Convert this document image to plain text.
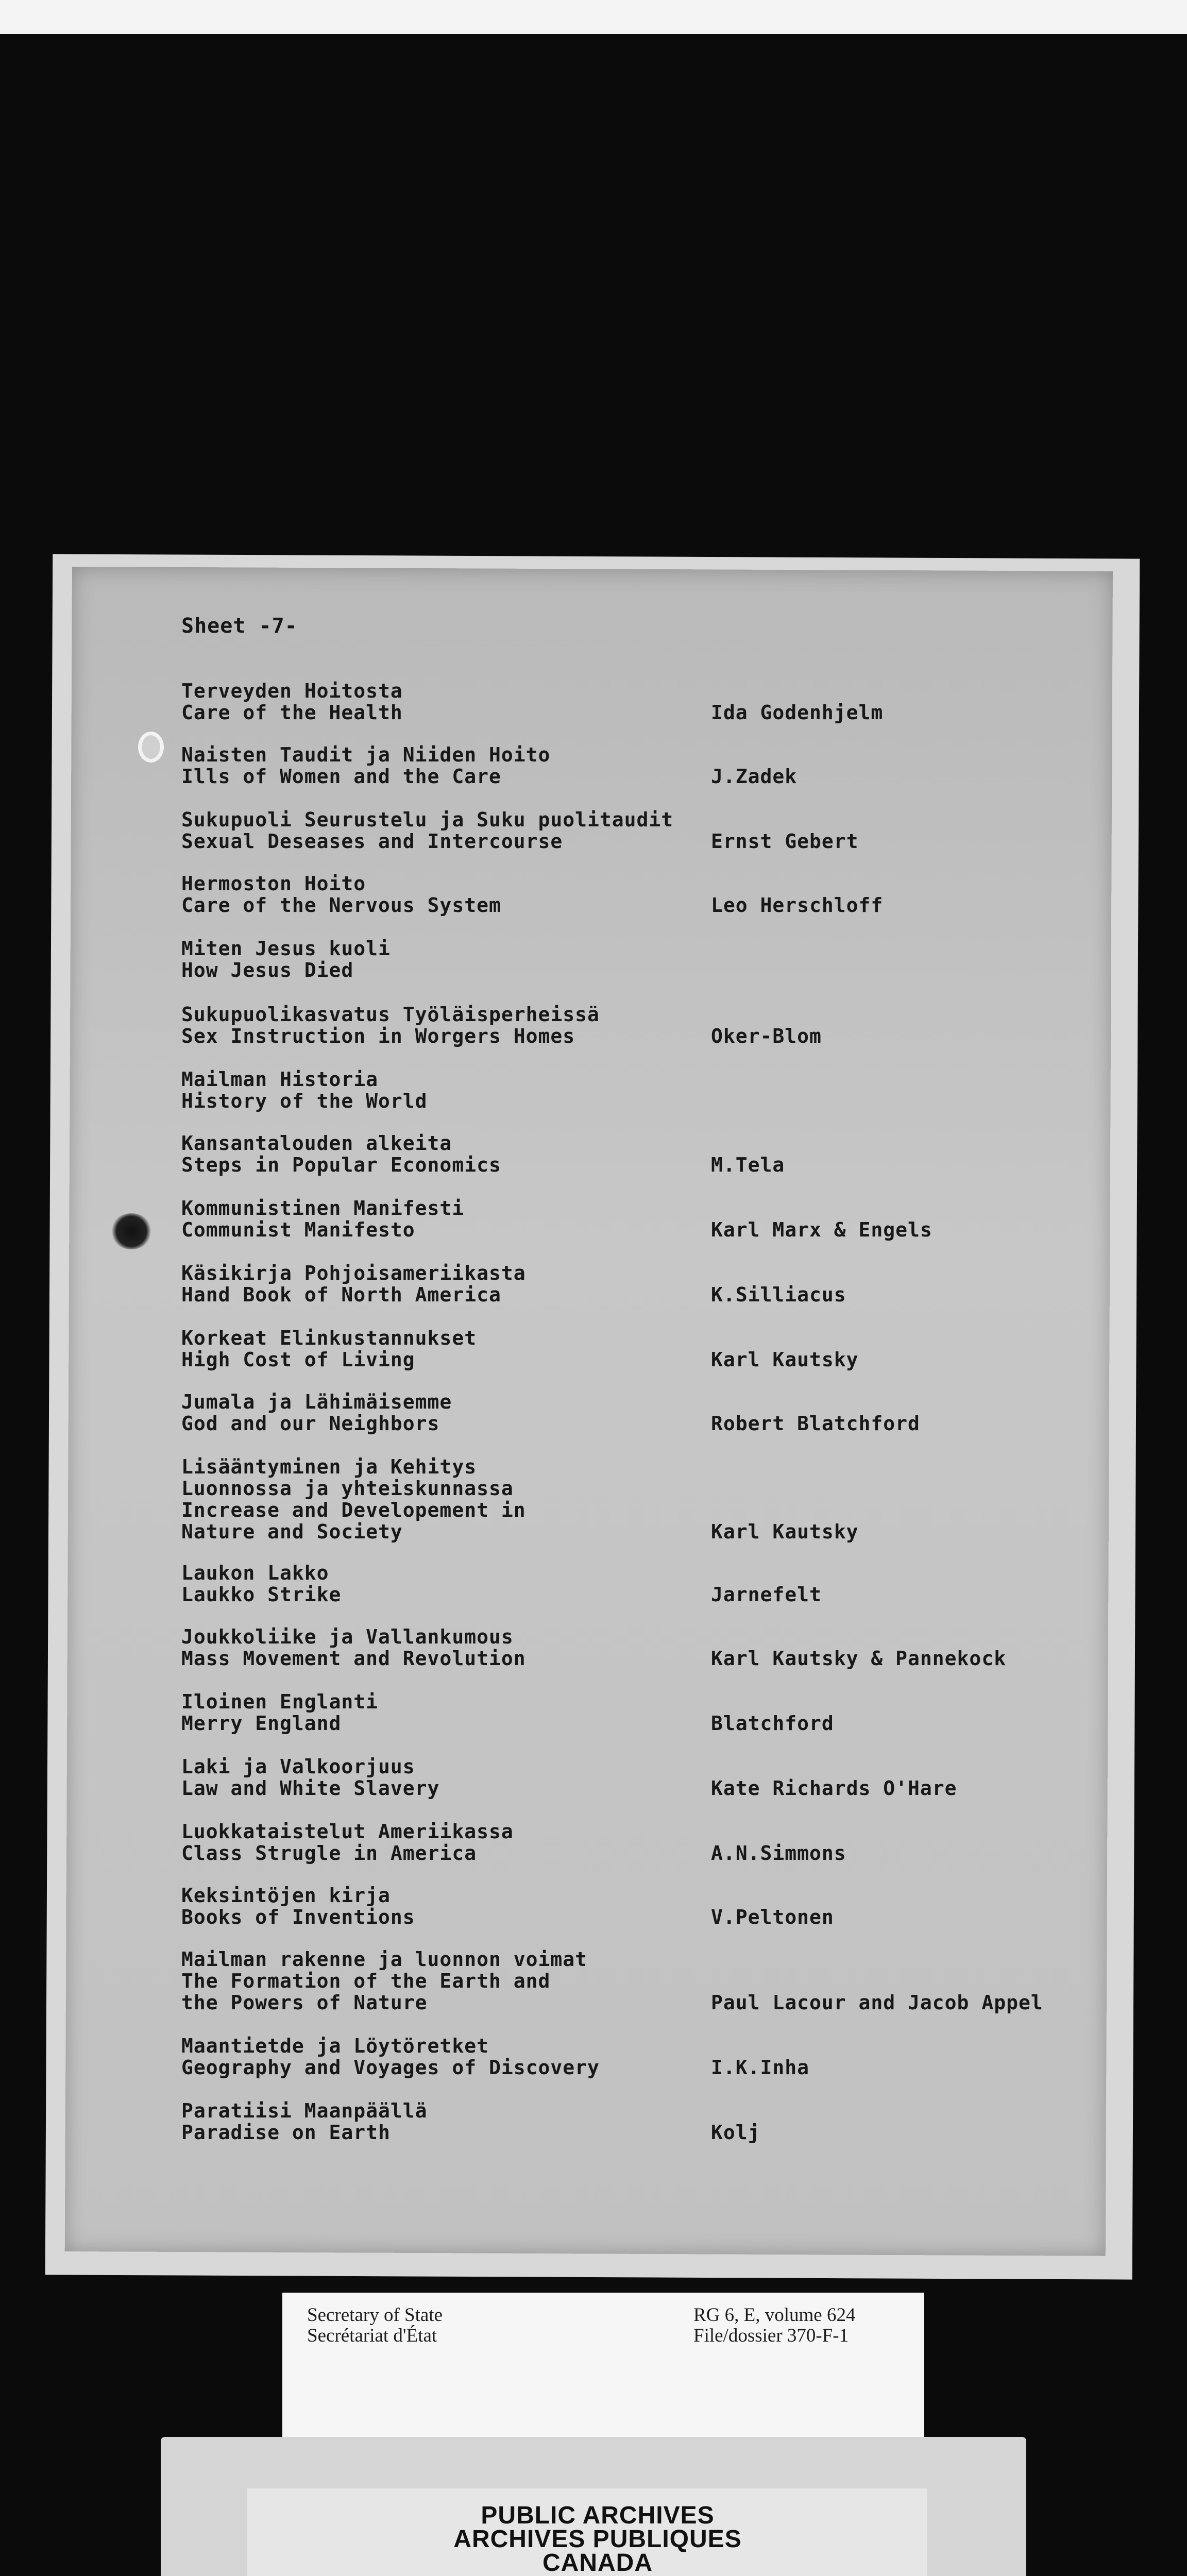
Sheet -7-
Terveyden Hoitosta
Care of the Health	Ida Godenhjelm
Naisten Taudit ja Niiden Hoito
Ills of Women and the Care	J.Zadek
Sukupuoli Seurustelu ja Suku puolitaudit
Sexual Deseases and Intercourse	Ernst Gebert
Hermoston Hoito
Care of the Nervous System	Leo Herschloff
Miten Jesus kuoli
How Jesus Died
Sukupuolikasvatus Työläisperheissä
Sex Instruction in Worgers Homes	Oker-Blom
Mailman Historia
History of the World
Kansantalouden alkeita
Steps in Popular Economics	M.Tela
Kommunistinen Manifesti
Communist Manifesto	Karl Marx & Engels
Käsikirja Pohjoisameriikasta
Hand Book of North America	K.Silliacus
Korkeat Elinkustannukset
High Cost of Living	Karl Kautsky
Jumala ja Lähimäisemme
God and our Neighbors	Robert Blatchford
Lisääntyminen ja Kehitys
Luonnossa ja yhteiskunnassa
Increase and Developement in
Nature and Society	Karl Kautsky
Laukon Lakko
Laukko Strike	Jarnefelt
Joukkoliike ja Vallankumous
Mass Movement and Revolution	Karl Kautsky & Pannekock
Iloinen Englanti
Merry England	Blatchford
Laki ja Valkoorjuus
Law and White Slavery	Kate Richards O'Hare
Luokkataistelut Ameriikassa
Class Strugle in America	A.N.Simmons
Keksintöjen kirja
Books of Inventions	V.Peltonen
Mailman rakenne ja luonnon voimat
The Formation of the Earth and
the Powers of Nature	Paul Lacour and Jacob Appel
Maantietde ja Löytöretket
Geography and Voyages of Discovery	I.K.Inha
Paratiisi Maanpäällä
Paradise on Earth	Kolj
Secretary of State
Secrétariat d'État
RG 6, E, volume 624
File/dossier 370-F-1
PUBLIC ARCHIVES
ARCHIVES PUBLIQUES
CANADA
